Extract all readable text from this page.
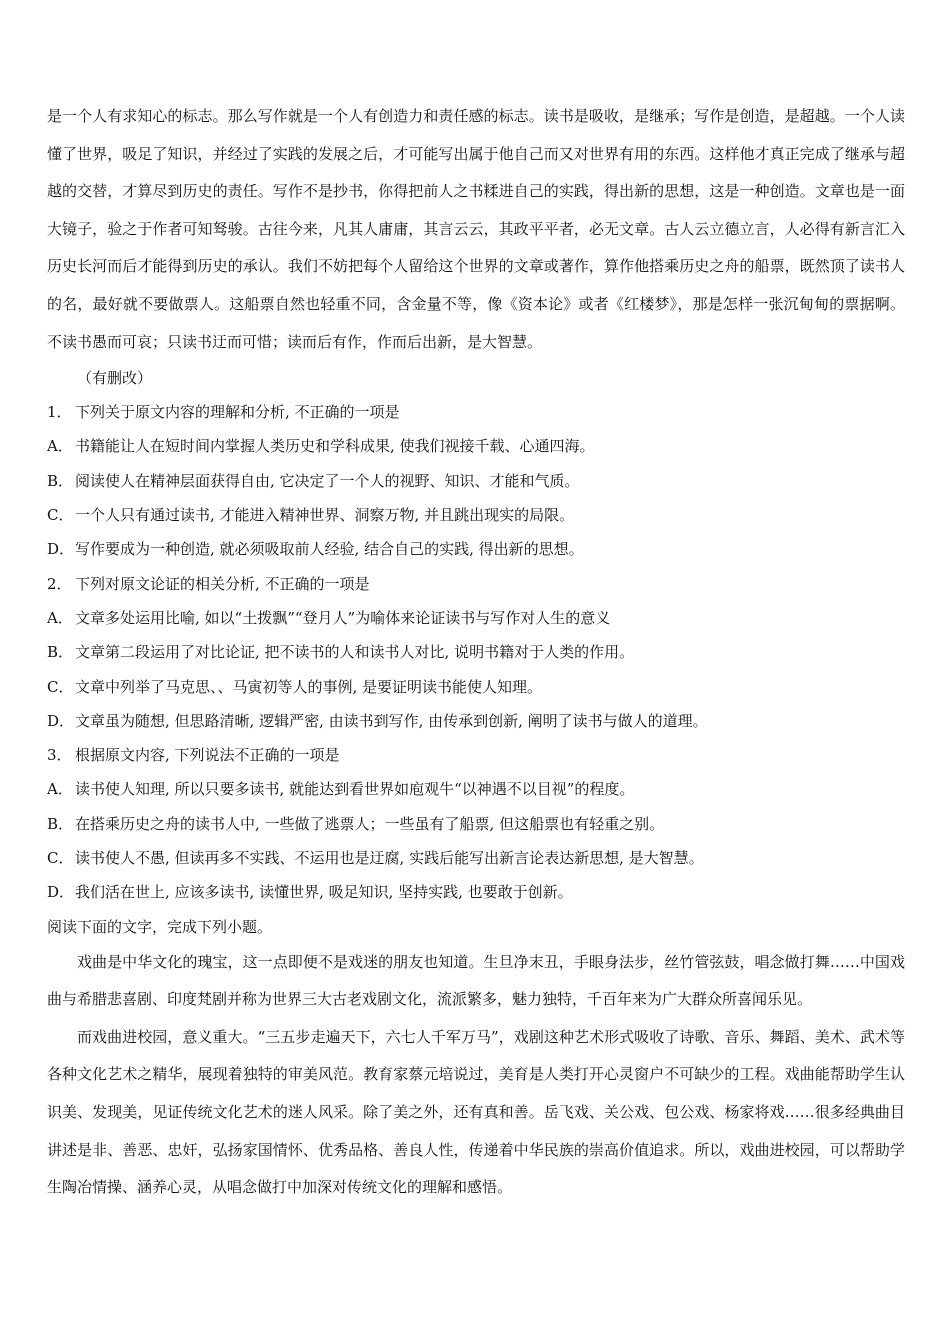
是一个人有求知心的标志。那么写作就是一个人有创造力和责任感的标志。读书是吸收，是继承；写作是创造，是超越。一个人读懂了世界，吸足了知识，并经过了实践的发展之后，才可能写出属于他自己而又对世界有用的东西。这样他才真正完成了继承与超越的交替，才算尽到历史的责任。写作不是抄书，你得把前人之书糅进自己的实践，得出新的思想，这是一种创造。文章也是一面大镜子，验之于作者可知驽骏。古往今来，凡其人庸庸，其言云云，其政平平者，必无文章。古人云立德立言，人必得有新言汇入历史长河而后才能得到历史的承认。我们不妨把每个人留给这个世界的文章或著作，算作他搭乘历史之舟的船票，既然顶了读书人的名，最好就不要做票人。这船票自然也轻重不同，含金量不等，像《资本论》或者《红楼梦》，那是怎样一张沉甸甸的票据啊。不读书愚而可哀；只读书迂而可惜；读而后有作，作而后出新，是大智慧。

（有删改）

1． 下列关于原文内容的理解和分析, 不正确的一项是

A． 书籍能让人在短时间内掌握人类历史和学科成果, 使我们视接千载、心通四海。

B． 阅读使人在精神层面获得自由, 它决定了一个人的视野、知识、才能和气质。

C． 一个人只有通过读书, 才能进入精神世界、洞察万物, 并且跳出现实的局限。

D．写作要成为一种创造, 就必须吸取前人经验, 结合自己的实践, 得出新的思想。

2． 下列对原文论证的相关分析, 不正确的一项是

A． 文章多处运用比喻, 如以“土拨飘”“登月人”为喻体来论证读书与写作对人生的意义

B． 文章第二段运用了对比论证, 把不读书的人和读书人对比, 说明书籍对于人类的作用。

C． 文章中列举了马克思、、马寅初等人的事例, 是要证明读书能使人知理。

D．文章虽为随想, 但思路清晰, 逻辑严密, 由读书到写作, 由传承到创新, 阐明了读书与做人的道理。

3． 根据原文内容, 下列说法不正确的一项是

A． 读书使人知理, 所以只要多读书, 就能达到看世界如庖观牛“以神遇不以目视”的程度。

B． 在搭乘历史之舟的读书人中, 一些做了逃票人；一些虽有了船票, 但这船票也有轻重之别。

C． 读书使人不愚, 但读再多不实践、不运用也是迂腐, 实践后能写出新言论表达新思想, 是大智慧。

D．我们活在世上, 应该多读书, 读懂世界, 吸足知识, 坚持实践, 也要敢于创新。

阅读下面的文字，完成下列小题。

戏曲是中华文化的瑰宝，这一点即便不是戏迷的朋友也知道。生旦净末丑，手眼身法步，丝竹管弦鼓，唱念做打舞……中国戏曲与希腊悲喜剧、印度梵剧并称为世界三大古老戏剧文化，流派繁多，魅力独特，千百年来为广大群众所喜闻乐见。

而戏曲进校园，意义重大。“三五步走遍天下，六七人千军万马”，戏剧这种艺术形式吸收了诗歌、音乐、舞蹈、美术、武术等各种文化艺术之精华，展现着独特的审美风范。教育家蔡元培说过，美育是人类打开心灵窗户不可缺少的工程。戏曲能帮助学生认识美、发现美，见证传统文化艺术的迷人风采。除了美之外，还有真和善。岳飞戏、关公戏、包公戏、杨家将戏……很多经典曲目讲述是非、善恶、忠奸，弘扬家国情怀、优秀品格、善良人性，传递着中华民族的崇高价值追求。所以，戏曲进校园，可以帮助学生陶冶情操、涵养心灵，从唱念做打中加深对传统文化的理解和感悟。
